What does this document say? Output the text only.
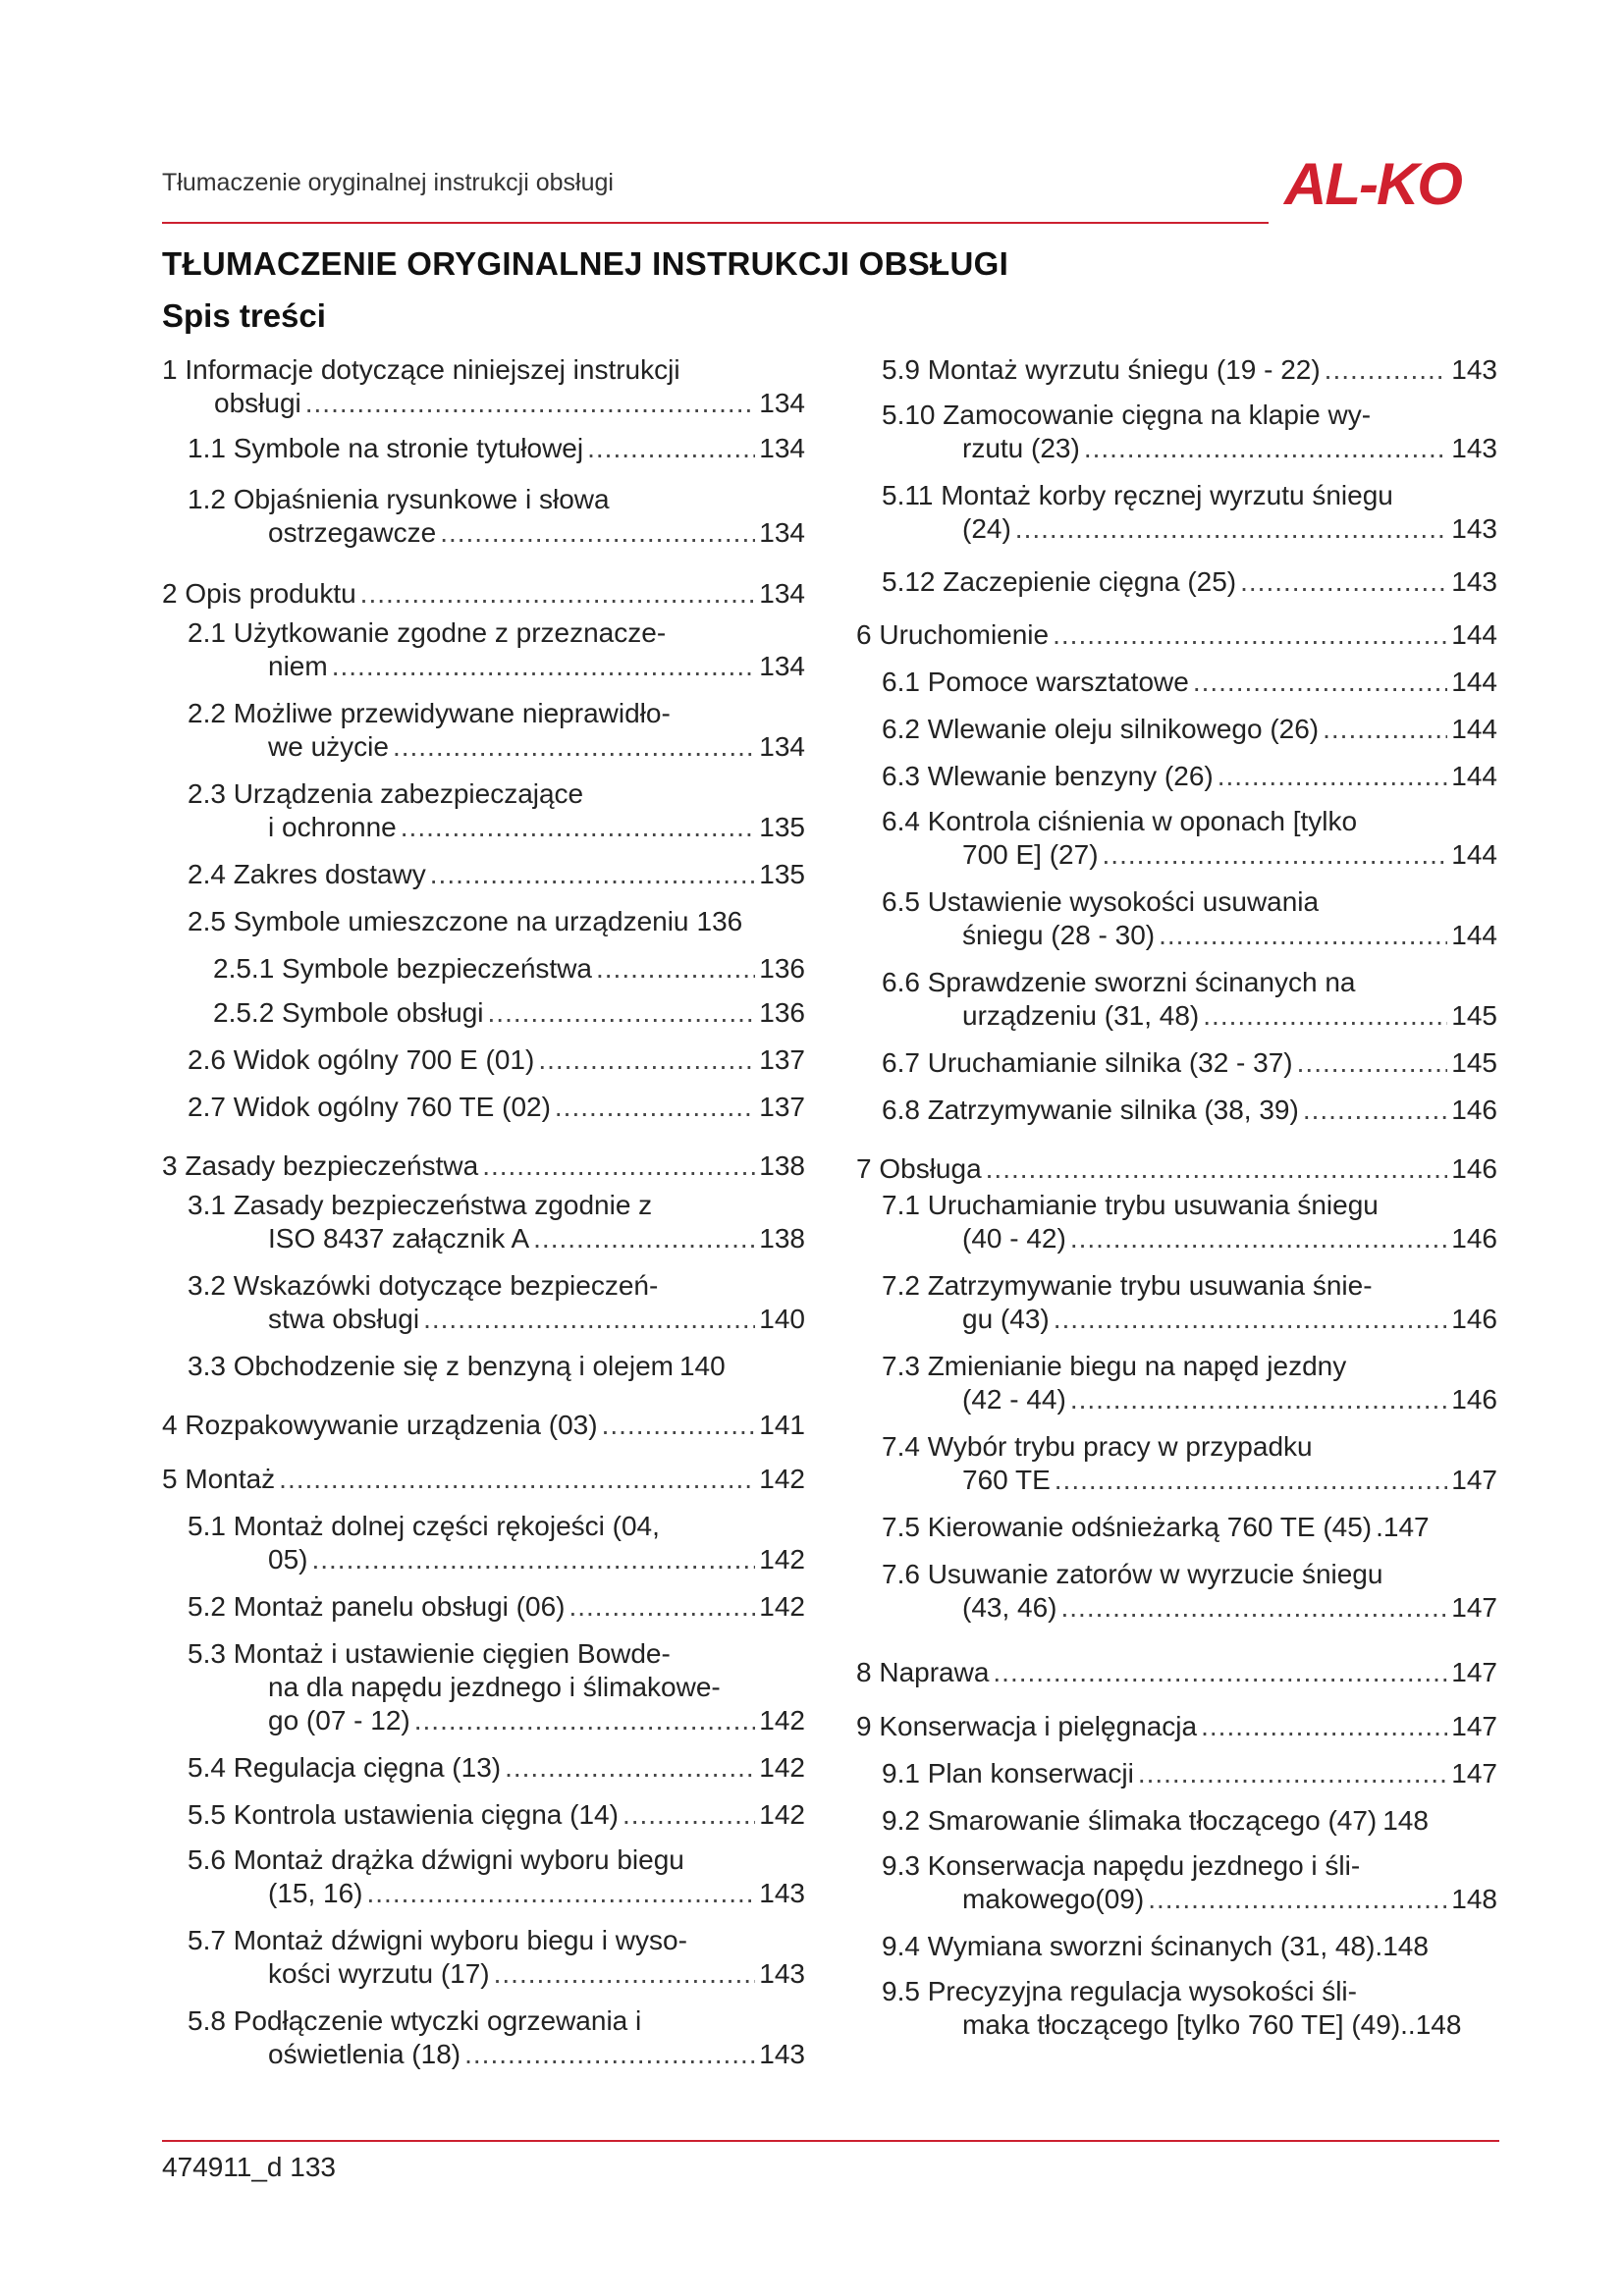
Tłumaczenie oryginalnej instrukcji obsługi	AL-KO
TŁUMACZENIE ORYGINALNEJ INSTRUKCJI OBSŁUGI
Spis treści
1 Informacje dotyczące niniejszej instrukcji
obsługi .....	134
1.1 Symbole na stronie tytułowej .....	134
1.2 Objaśnienia rysunkowe i słowa
ostrzegawcze .....	134
2 Opis produktu .....	134
2.1 Użytkowanie zgodne z przeznacze-
niem .....	134
2.2 Możliwe przewidywane nieprawidło-
we użycie .....	134
2.3 Urządzenia zabezpieczające
i ochronne .....	135
2.4 Zakres dostawy .....	135
2.5 Symbole umieszczone na urządzeniu 136
2.5.1 Symbole bezpieczeństwa .....	136
2.5.2 Symbole obsługi .....	136
2.6 Widok ogólny 700 E (01) .....	137
2.7 Widok ogólny 760 TE (02) .....	137
3 Zasady bezpieczeństwa .....	138
3.1 Zasady bezpieczeństwa zgodnie z
ISO 8437 załącznik A .....	138
3.2 Wskazówki dotyczące bezpieczeń-
stwa obsługi .....	140
3.3 Obchodzenie się z benzyną i olejem 140
4 Rozpakowywanie urządzenia (03) .....	141
5 Montaż .....	142
5.1 Montaż dolnej części rękojeści (04,
05) .....	142
5.2 Montaż panelu obsługi (06) .....	142
5.3 Montaż i ustawienie cięgien Bowde-
na dla napędu jezdnego i ślimakowe-
go (07 - 12) .....	142
5.4 Regulacja cięgna (13) .....	142
5.5 Kontrola ustawienia cięgna (14) .....	142
5.6 Montaż drążka dźwigni wyboru biegu
(15, 16) .....	143
5.7 Montaż dźwigni wyboru biegu i wyso-
kości wyrzutu (17) .....	143
5.8 Podłączenie wtyczki ogrzewania i
oświetlenia (18) .....	143
5.9 Montaż wyrzutu śniegu (19 - 22) .....	143
5.10 Zamocowanie cięgna na klapie wy-
rzutu (23) .....	143
5.11 Montaż korby ręcznej wyrzutu śniegu
(24) .....	143
5.12 Zaczepienie cięgna (25) .....	143
6 Uruchomienie .....	144
6.1 Pomoce warsztatowe .....	144
6.2 Wlewanie oleju silnikowego (26) .....	144
6.3 Wlewanie benzyny (26) .....	144
6.4 Kontrola ciśnienia w oponach [tylko
700 E] (27) .....	144
6.5 Ustawienie wysokości usuwania
śniegu (28 - 30) .....	144
6.6 Sprawdzenie sworzni ścinanych na
urządzeniu (31, 48) .....	145
6.7 Uruchamianie silnika (32 - 37) .....	145
6.8 Zatrzymywanie silnika (38, 39) .....	146
7 Obsługa .....	146
7.1 Uruchamianie trybu usuwania śniegu
(40 - 42) .....	146
7.2 Zatrzymywanie trybu usuwania śnie-
gu (43) .....	146
7.3 Zmienianie biegu na napęd jezdny
(42 - 44) .....	146
7.4 Wybór trybu pracy w przypadku
760 TE .....	147
7.5 Kierowanie odśnieżarką 760 TE (45) . 147
7.6 Usuwanie zatorów w wyrzucie śniegu
(43, 46) .....	147
8 Naprawa .....	147
9 Konserwacja i pielęgnacja .....	147
9.1 Plan konserwacji .....	147
9.2 Smarowanie ślimaka tłoczącego (47) 148
9.3 Konserwacja napędu jezdnego i śli-
makowego(09) .....	148
9.4 Wymiana sworzni ścinanych (31, 48) . 148
9.5 Precyzyjna regulacja wysokości śli-
maka tłoczącego [tylko 760 TE] (49) .. 148
474911_d 133
